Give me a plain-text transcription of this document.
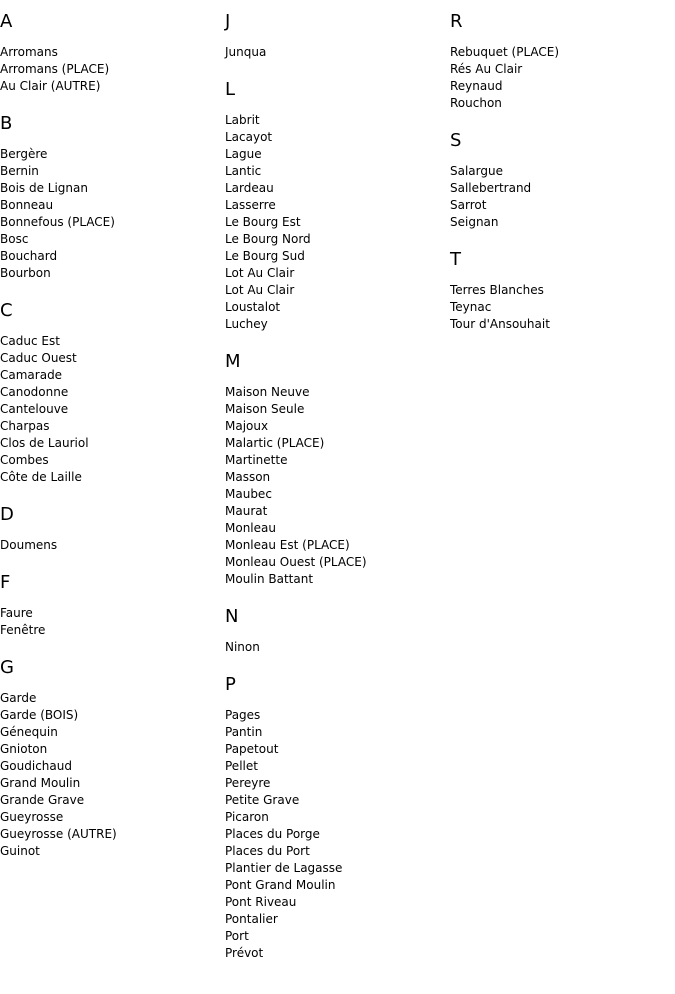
A
Arromans
Arromans (PLACE)
Au Clair (AUTRE)
B
Bergère
Bernin
Bois de Lignan
Bonneau
Bonnefous (PLACE)
Bosc
Bouchard
Bourbon
C
Caduc Est
Caduc Ouest
Camarade
Canodonne
Cantelouve
Charpas
Clos de Lauriol
Combes
Côte de Laille
D
Doumens
F
Faure
Fenêtre
G
Garde
Garde (BOIS)
Génequin
Gnioton
Goudichaud
Grand Moulin
Grande Grave
Gueyrosse
Gueyrosse (AUTRE)
Guinot
J
Junqua
L
Labrit
Lacayot
Lague
Lantic
Lardeau
Lasserre
Le Bourg Est
Le Bourg Nord
Le Bourg Sud
Lot Au Clair
Lot Au Clair
Loustalot
Luchey
M
Maison Neuve
Maison Seule
Majoux
Malartic (PLACE)
Martinette
Masson
Maubec
Maurat
Monleau
Monleau Est (PLACE)
Monleau Ouest (PLACE)
Moulin Battant
N
Ninon
P
Pages
Pantin
Papetout
Pellet
Pereyre
Petite Grave
Picaron
Places du Porge
Places du Port
Plantier de Lagasse
Pont Grand Moulin
Pont Riveau
Pontalier
Port
Prévot
R
Rebuquet (PLACE)
Rés Au Clair
Reynaud
Rouchon
S
Salargue
Sallebertrand
Sarrot
Seignan
T
Terres Blanches
Teynac
Tour d'Ansouhait
